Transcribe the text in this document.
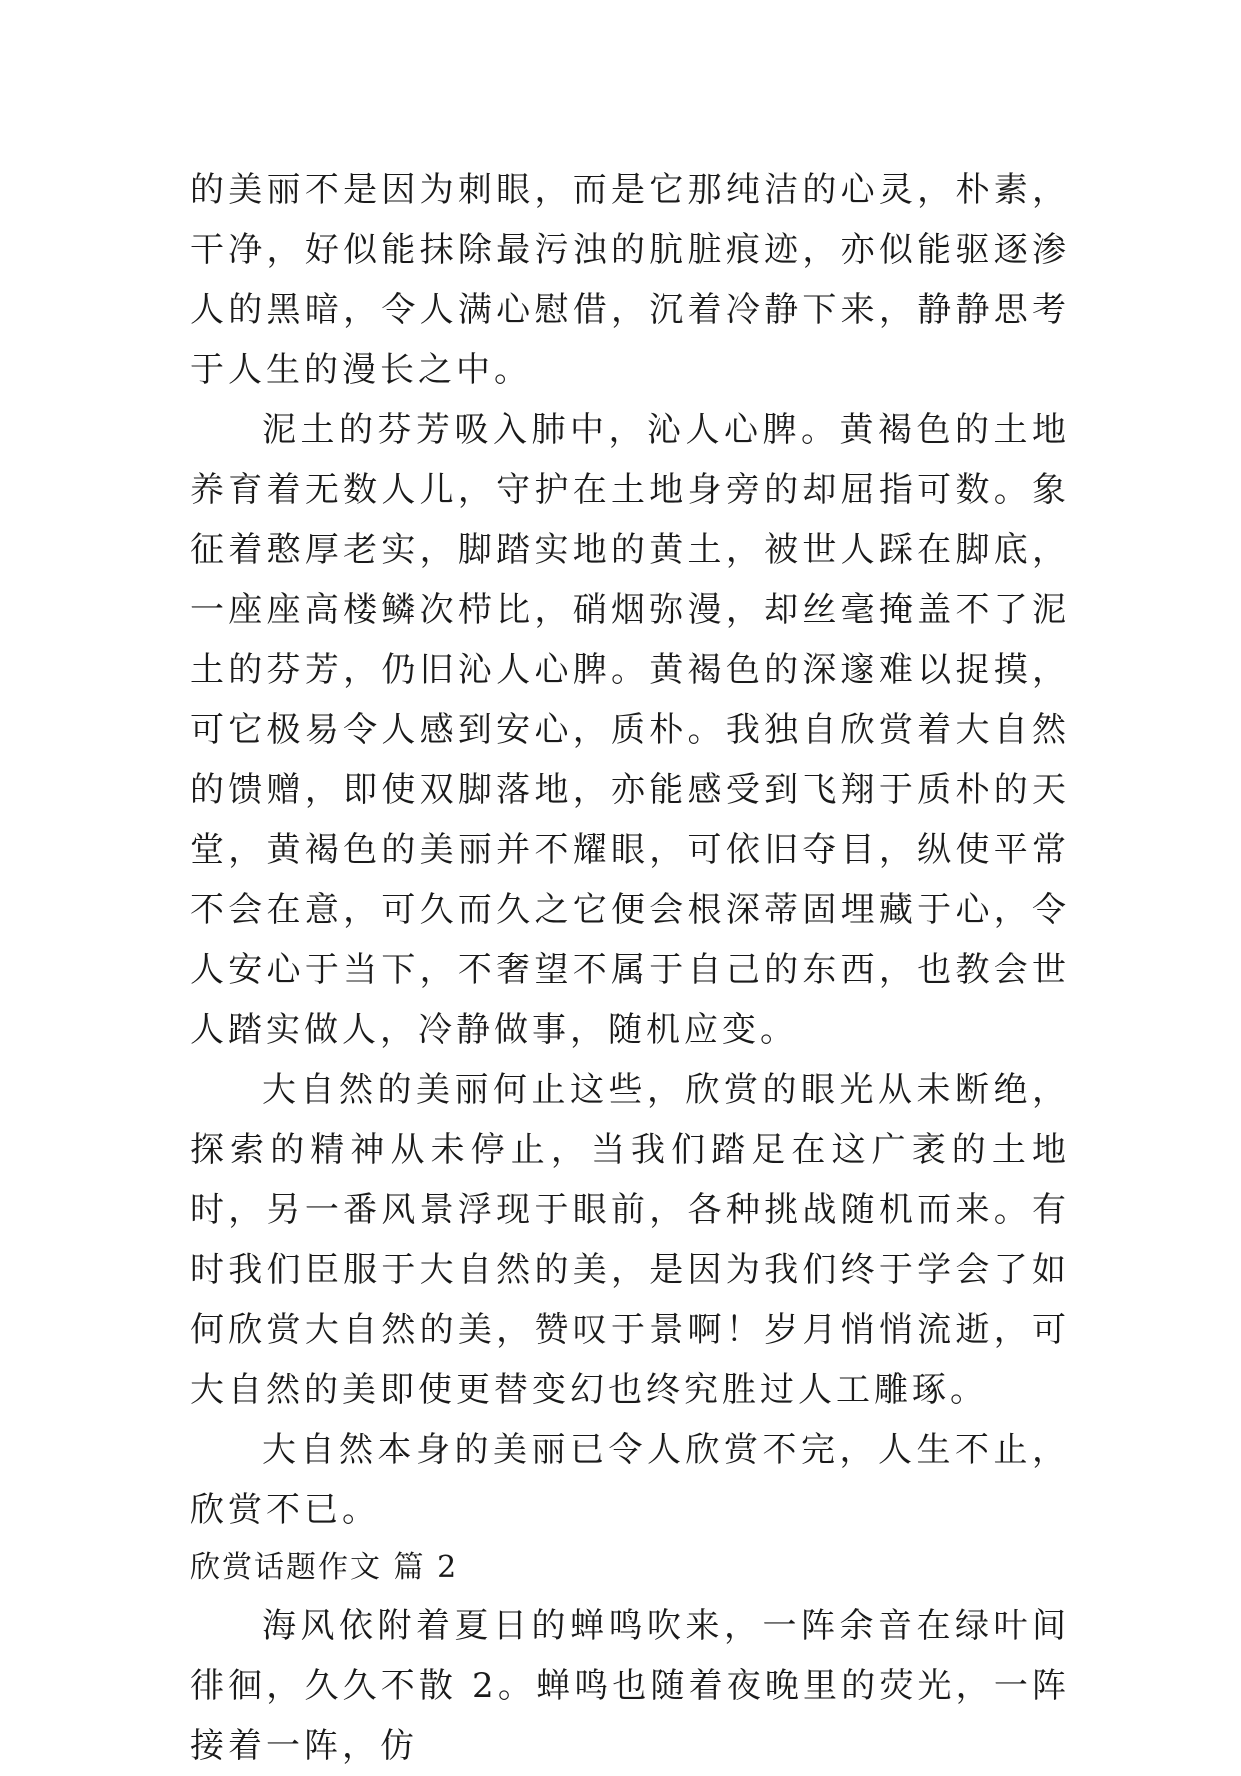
的美丽不是因为刺眼，而是它那纯洁的心灵，朴素，干净，好似能抹除最污浊的肮脏痕迹，亦似能驱逐渗人的黑暗，令人满心慰借，沉着冷静下来，静静思考于人生的漫长之中。

泥土的芬芳吸入肺中，沁人心脾。黄褐色的土地养育着无数人儿，守护在土地身旁的却屈指可数。象征着憨厚老实，脚踏实地的黄土，被世人踩在脚底，一座座高楼鳞次栉比，硝烟弥漫，却丝毫掩盖不了泥土的芬芳，仍旧沁人心脾。黄褐色的深邃难以捉摸，可它极易令人感到安心，质朴。我独自欣赏着大自然的馈赠，即使双脚落地，亦能感受到飞翔于质朴的天堂，黄褐色的美丽并不耀眼，可依旧夺目，纵使平常不会在意，可久而久之它便会根深蒂固埋藏于心，令人安心于当下，不奢望不属于自己的东西，也教会世人踏实做人，冷静做事，随机应变。

大自然的美丽何止这些，欣赏的眼光从未断绝，探索的精神从未停止，当我们踏足在这广袤的土地时，另一番风景浮现于眼前，各种挑战随机而来。有时我们臣服于大自然的美，是因为我们终于学会了如何欣赏大自然的美，赞叹于景啊！岁月悄悄流逝，可大自然的美即使更替变幻也终究胜过人工雕琢。

大自然本身的美丽已令人欣赏不完，人生不止，欣赏不已。

欣赏话题作文 篇 2

海风依附着夏日的蝉鸣吹来，一阵余音在绿叶间徘徊，久久不散 2。蝉鸣也随着夜晚里的荧光，一阵接着一阵，仿
